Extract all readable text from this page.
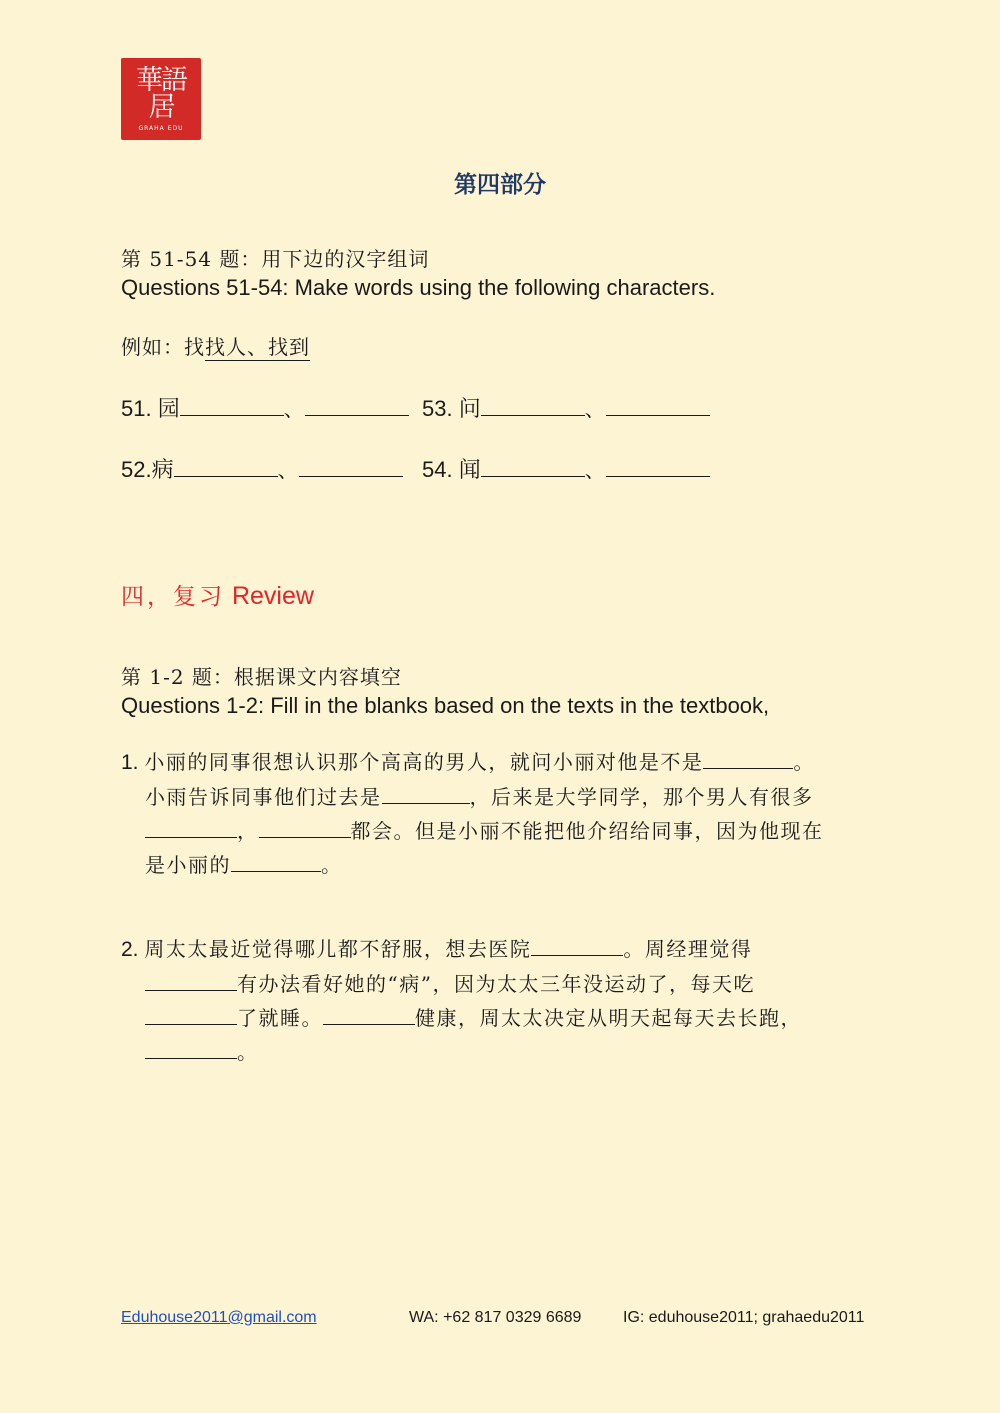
華語居
GRAHA EDU
第四部分
第 51-54 题：用下边的汉字组词
Questions 51-54: Make words using the following characters.
例如：找找人、找到
51. 园	、	53. 问	、
52.病	、	54. 闻	、
四，复习 Review
第 1-2 题：根据课文内容填空
Questions 1-2: Fill in the blanks based on the texts in the textbook,
1. 小丽的同事很想认识那个高高的男人，就问小丽对他是不是	。
小雨告诉同事他们过去是	，后来是大学同学，那个男人有很多
，	都会。但是小丽不能把他介绍给同事，因为他现在
是小丽的	。
2. 周太太最近觉得哪儿都不舒服，想去医院	。周经理觉得
有办法看好她的“病”，因为太太三年没运动了，每天吃
了就睡。	健康，周太太决定从明天起每天去长跑，
。
Eduhouse2011@gmail.com	WA: +62 817 0329 6689	IG: eduhouse2011; grahaedu2011
